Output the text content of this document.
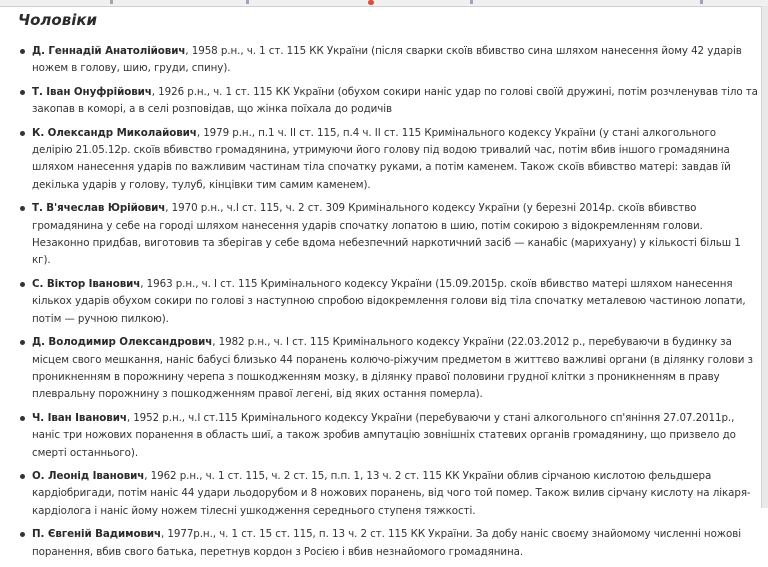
Чоловіки
Д. Геннадій Анатолійович, 1958 р.н., ч. 1 ст. 115 КК України (після сварки скоїв вбивство сина шляхом нанесення йому 42 ударів ножем в голову, шию, груди, спину).
Т. Іван Онуфрійович, 1926 р.н., ч. 1 ст. 115 КК України (обухом сокири наніс удар по голові своїй дружині, потім розчленував тіло та закопав в коморі, а в селі розповідав, що жінка поїхала до родичів
К. Олександр Миколайович, 1979 р.н., п.1 ч. ІІ ст. 115, п.4 ч. ІІ ст. 115 Кримінального кодексу України (у стані алкогольного делірію 21.05.12р. скоїв вбивство громадянина, утримуючи його голову під водою тривалий час, потім вбив іншого громадянина шляхом нанесення ударів по важливим частинам тіла спочатку руками, а потім каменем. Також скоїв вбивство матері: завдав їй декілька ударів у голову, тулуб, кінцівки тим самим каменем).
Т. В'ячеслав Юрійович, 1970 р.н., ч.І ст. 115, ч. 2 ст. 309 Кримінального кодексу України (у березні 2014р. скоїв вбивство громадянина у себе на городі шляхом нанесення ударів спочатку лопатою в шию, потім сокирою з відокремленням голови. Незаконно придбав, виготовив та зберігав у себе вдома небезпечний наркотичний засіб — канабіс (марихуану) у кількості більш 1 кг).
С. Віктор Іванович, 1963 р.н., ч. І ст. 115 Кримінального кодексу України (15.09.2015р. скоїв вбивство матері шляхом нанесення кількох ударів обухом сокири по голові з наступною спробою відокремлення голови від тіла спочатку металевою частиною лопати, потім — ручною пилкою).
Д. Володимир Олександрович, 1982 р.н., ч. І ст. 115 Кримінального кодексу України (22.03.2012 р., перебуваючи в будинку за місцем свого мешкання, наніс бабусі близько 44 поранень колючо-ріжучим предметом в життєво важливі органи (в ділянку голови з проникненням в порожнину черепа з пошкодженням мозку, в ділянку правої половини грудної клітки з проникненням в праву плевральну порожнину з пошкодженням правої легені, від яких остання померла).
Ч. Іван Іванович, 1952 р.н., ч.І ст.115 Кримінального кодексу України (перебуваючи у стані алкогольного сп'яніння 27.07.2011р., наніс три ножових поранення в область шиї, а також зробив ампутацію зовнішніх статевих органів громадянину, що призвело до смерті останнього).
О. Леонід Іванович, 1962 р.н., ч. 1 ст. 115, ч. 2 ст. 15, п.п. 1, 13 ч. 2 ст. 115 КК України облив сірчаною кислотою фельдшера кардіобригади, потім наніс 44 удари льодорубом и 8 ножових поранень, від чого той помер. Також вилив сірчану кислоту на лікаря-кардіолога і наніс йому ножем тілесні ушкодження середнього ступеня тяжкості.
П. Євгеній Вадимович, 1977р.н., ч. 1 ст. 15 ст. 115, п. 13 ч. 2 ст. 115 КК України. За добу наніс своєму знайомому численні ножові поранення, вбив свого батька, перетнув кордон з Росією і вбив незнайомого громадянина.
